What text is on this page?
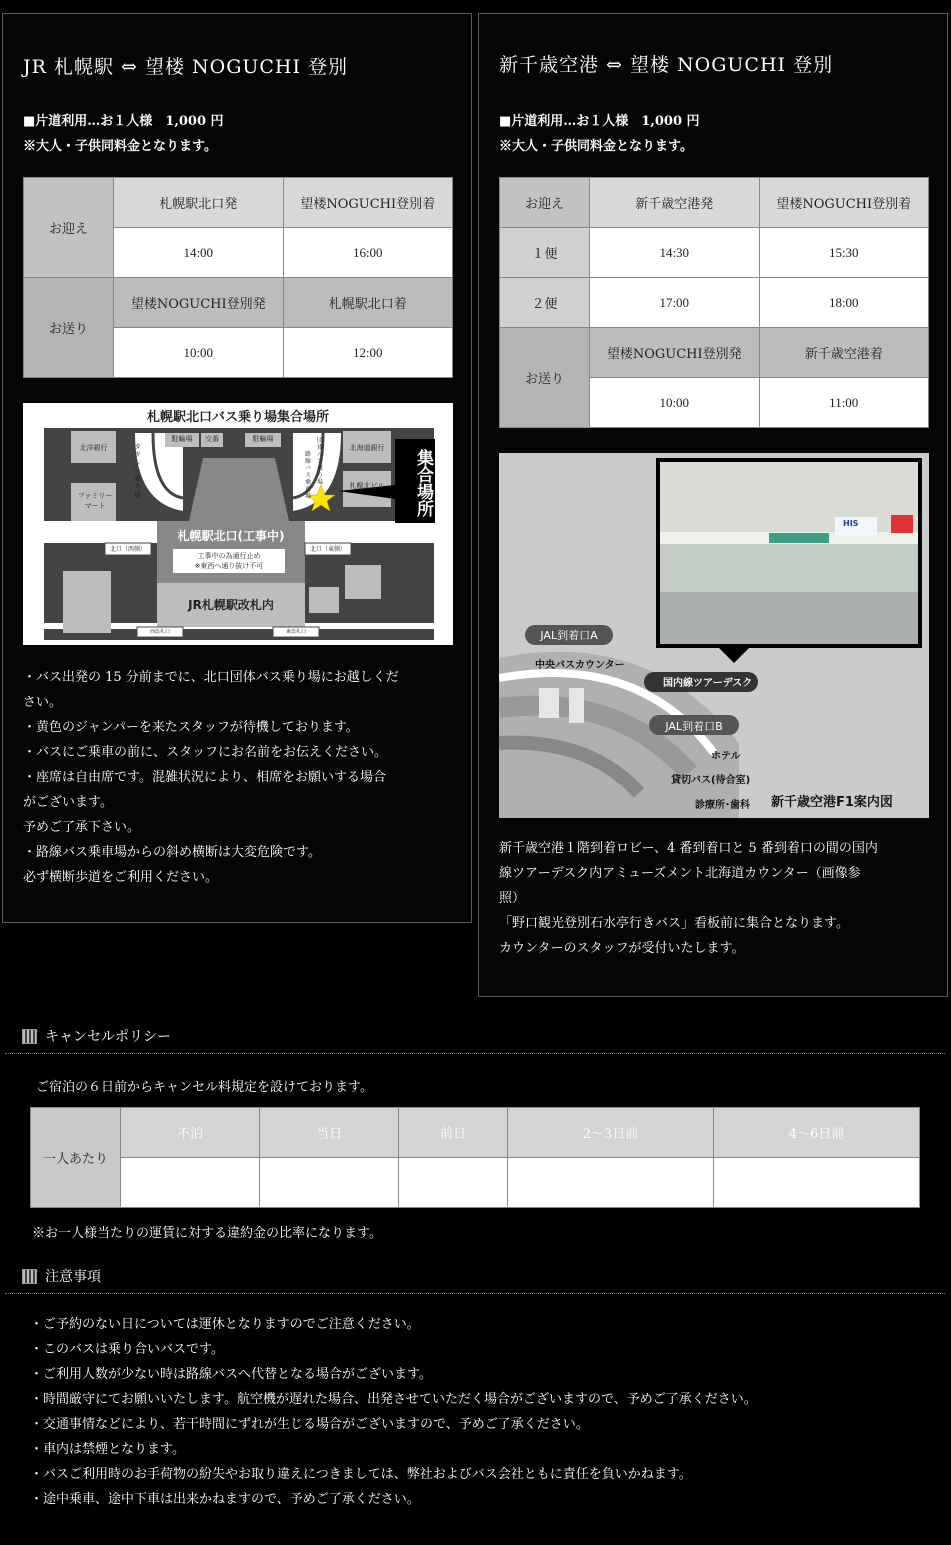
JR 札幌駅 ⇔ 望楼 NOGUCHI 登別

■片道利用…お１人様　1,000 円

※大人・子供同料金となります。

お迎え	札幌駅北口発	望楼NOGUCHI登別着
	14:00	16:00
お送り	望楼NOGUCHI登別発	札幌駅北口着
	10:00	12:00
札幌駅北口バス乗り場集合場所
北洋銀行
ファミリーマート
タクシー乗り場
駐輪場	交番	駐輪場	団体バス乗り場
路線バス乗車場
北海道銀行
札幌北ビル	集合場所
札幌駅北口(工事中)
工事中の為通行止め
※東西へ通り抜け不可
北口（西側）	北口（東側）
JR札幌駅改札内
西改札口	東改札口

・バス出発の 15 分前までに、北口団体バス乗り場にお越しくだ

さい。

・黄色のジャンパーを来たスタッフが待機しております。

・バスにご乗車の前に、スタッフにお名前をお伝えください。

・座席は自由席です。混雑状況により、相席をお願いする場合

がございます。

予めご了承下さい。

・路線バス乗車場からの斜め横断は大変危険です。

必ず横断歩道をご利用ください。

新千歳空港 ⇔ 望楼 NOGUCHI 登別

■片道利用…お１人様　1,000 円

※大人・子供同料金となります。

お迎え	新千歳空港発	望楼NOGUCHI登別着
１便	14:30	15:30
２便	17:00	18:00
お送り	望楼NOGUCHI登別発	新千歳空港着
	10:00	11:00
JAL到着口A
中央バスカウンター
国内線ツアーデスク
JAL到着口B
ホテル
貸切バス(待合室)
診療所･歯科 新千歳空港F1案内図
HIS

新千歳空港１階到着ロビー、4 番到着口と 5 番到着口の間の国内

線ツアーデスク内アミューズメント北海道カウンター（画像参

照）

「野口観光登別石水亭行きバス」看板前に集合となります。

カウンターのスタッフが受付いたします。

キャンセルポリシー
ご宿泊の６日前からキャンセル料規定を設けております。
一人あたり	不泊	当日	前日	2〜3日前	4〜6日前
	100%	100%	80%	50%	20%
※お一人様当たりの運賃に対する違約金の比率になります。
注意事項

・ご予約のない日については運休となりますのでご注意ください。

・このバスは乗り合いバスです。

・ご利用人数が少ない時は路線バスへ代替となる場合がございます。

・時間厳守にてお願いいたします。航空機が遅れた場合、出発させていただく場合がございますので、予めご了承ください。

・交通事情などにより、若干時間にずれが生じる場合がございますので、予めご了承ください。

・車内は禁煙となります。

・バスご利用時のお手荷物の紛失やお取り違えにつきましては、弊社およびバス会社ともに責任を負いかねます。

・途中乗車、途中下車は出来かねますので、予めご了承ください。
